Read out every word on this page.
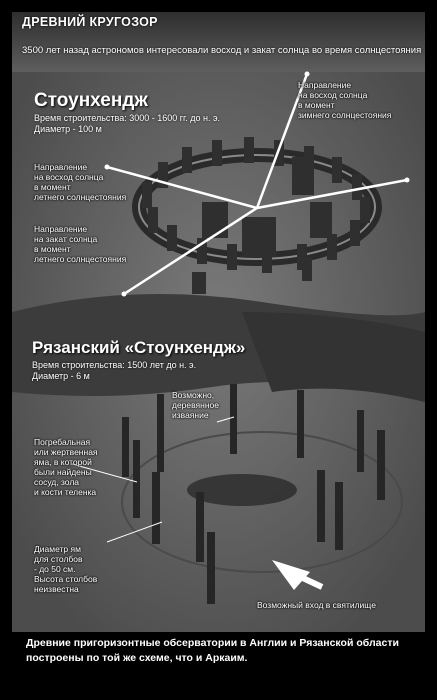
ДРЕВНИЙ КРУГОЗОР
3500 лет назад астрономов интересовали восход и закат солнца во время солнцестояния
Стоунхендж
Время строительства: 3000 - 1600 гг. до н. э.
Диаметр - 100 м
Направление
на восход солнца
в момент
зимнего солнцестояния
Направление
на восход солнца
в момент
летнего солнцестояния
Направление
на закат солнца
в момент
летнего солнцестояния
Рязанский «Стоунхендж»
Время строительства: 1500 лет до н. э.
Диаметр - 6 м
Возможно,
деревянное
изваяние
Погребальная
или жертвенная
яма, в которой
были найдены
сосуд, зола
и кости теленка
Диаметр ям
для столбов
- до 50 см.
Высота столбов
неизвестна
Возможный вход в святилище

Древние пригоризонтные обсерватории в Англии и Рязанской области построены по той же схеме, что и Аркаим.
